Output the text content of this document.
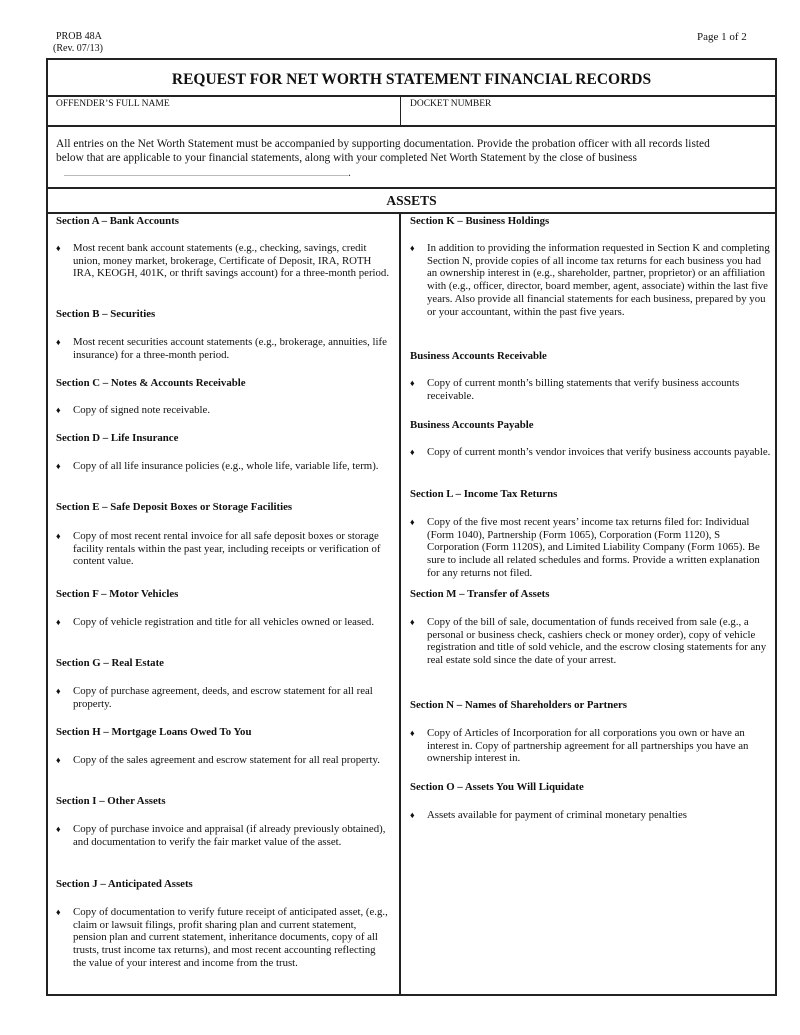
PROB 48A
(Rev. 07/13)
Page 1 of 2
REQUEST FOR NET WORTH STATEMENT FINANCIAL RECORDS
OFFENDER’S FULL NAME	DOCKET NUMBER
All entries on the Net Worth Statement must be accompanied by supporting documentation. Provide the probation officer with all records listed below that are applicable to your financial statements, along with your completed Net Worth Statement by the close of business .
ASSETS
Section A – Bank Accounts
♦ Most recent bank account statements (e.g., checking, savings, credit union, money market, brokerage, Certificate of Deposit, IRA, ROTH IRA, KEOGH, 401K, or thrift savings account) for a three-month period.
Section B – Securities
♦ Most recent securities account statements (e.g., brokerage, annuities, life insurance) for a three-month period.
Section C – Notes & Accounts Receivable
♦ Copy of signed note receivable.
Section D – Life Insurance
♦ Copy of all life insurance policies (e.g., whole life, variable life, term).
Section E – Safe Deposit Boxes or Storage Facilities
♦ Copy of most recent rental invoice for all safe deposit boxes or storage facility rentals within the past year, including receipts or verification of content value.
Section F – Motor Vehicles
♦ Copy of vehicle registration and title for all vehicles owned or leased.
Section G – Real Estate
♦ Copy of purchase agreement, deeds, and escrow statement for all real property.
Section H – Mortgage Loans Owed To You
♦ Copy of the sales agreement and escrow statement for all real property.
Section I – Other Assets
♦ Copy of purchase invoice and appraisal (if already previously obtained), and documentation to verify the fair market value of the asset.
Section J – Anticipated Assets
♦ Copy of documentation to verify future receipt of anticipated asset, (e.g., claim or lawsuit filings, profit sharing plan and current statement, pension plan and current statement, inheritance documents, copy of all trusts, trust income tax returns), and most recent accounting reflecting the value of your interest and income from the trust.
Section K – Business Holdings
♦ In addition to providing the information requested in Section K and completing Section N, provide copies of all income tax returns for each business you had an ownership interest in (e.g., shareholder, partner, proprietor) or an affiliation with (e.g., officer, director, board member, agent, associate) within the last five years. Also provide all financial statements for each business, prepared by you or your accountant, within the past five years.
Business Accounts Receivable
♦ Copy of current month’s billing statements that verify business accounts receivable.
Business Accounts Payable
♦ Copy of current month’s vendor invoices that verify business accounts payable.
Section L – Income Tax Returns
♦ Copy of the five most recent years’ income tax returns filed for: Individual (Form 1040), Partnership (Form 1065), Corporation (Form 1120), S Corporation (Form 1120S), and Limited Liability Company (Form 1065). Be sure to include all related schedules and forms. Provide a written explanation for any returns not filed.
Section M – Transfer of Assets
♦ Copy of the bill of sale, documentation of funds received from sale (e.g., a personal or business check, cashiers check or money order), copy of vehicle registration and title of sold vehicle, and the escrow closing statements for any real estate sold since the date of your arrest.
Section N – Names of Shareholders or Partners
♦ Copy of Articles of Incorporation for all corporations you own or have an interest in. Copy of partnership agreement for all partnerships you have an ownership interest in.
Section O – Assets You Will Liquidate
♦ Assets available for payment of criminal monetary penalties
